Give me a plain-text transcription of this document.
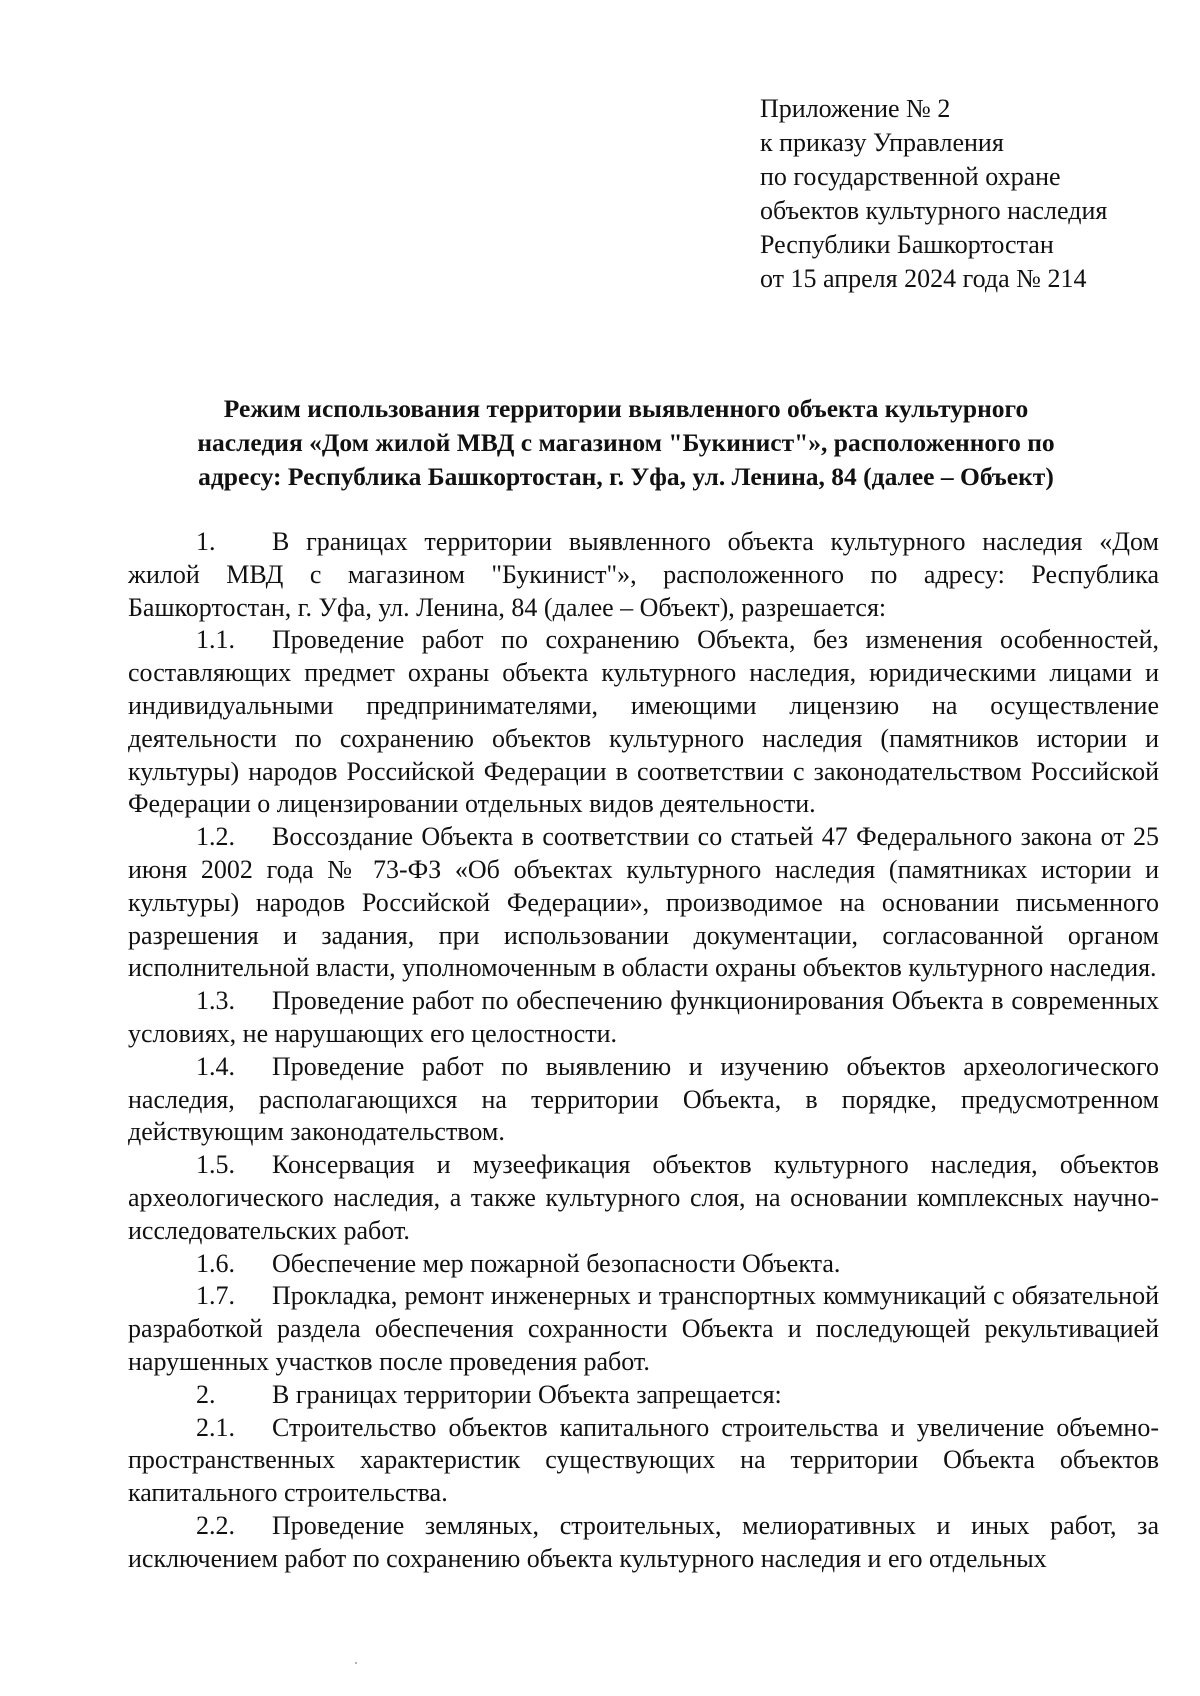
Приложение № 2
к приказу Управления
по государственной охране
объектов культурного наследия
Республики Башкортостан
от 15 апреля 2024 года № 214
Режим использования территории выявленного объекта культурного
наследия «Дом жилой МВД с магазином "Букинист"», расположенного по
адресу: Республика Башкортостан, г. Уфа, ул. Ленина, 84 (далее – Объект)

1. В границах территории выявленного объекта культурного наследия «Дом жилой МВД с магазином "Букинист"», расположенного по адресу: Республика Башкортостан, г. Уфа, ул. Ленина, 84 (далее – Объект), разрешается:

1.1. Проведение работ по сохранению Объекта, без изменения особенностей, составляющих предмет охраны объекта культурного наследия, юридическими лицами и индивидуальными предпринимателями, имеющими лицензию на осуществление деятельности по сохранению объектов культурного наследия (памятников истории и культуры) народов Российской Федерации в соответствии с законодательством Российской Федерации о лицензировании отдельных видов деятельности.

1.2. Воссоздание Объекта в соответствии со статьей 47 Федерального закона от 25 июня 2002 года № 73-ФЗ «Об объектах культурного наследия (памятниках истории и культуры) народов Российской Федерации», производимое на основании письменного разрешения и задания, при использовании документации, согласованной органом исполнительной власти, уполномоченным в области охраны объектов культурного наследия.

1.3. Проведение работ по обеспечению функционирования Объекта в современных условиях, не нарушающих его целостности.

1.4. Проведение работ по выявлению и изучению объектов археологического наследия, располагающихся на территории Объекта, в порядке, предусмотренном действующим законодательством.

1.5. Консервация и музеефикация объектов культурного наследия, объектов археологического наследия, а также культурного слоя, на основании комплексных научно-исследовательских работ.

1.6. Обеспечение мер пожарной безопасности Объекта.

1.7. Прокладка, ремонт инженерных и транспортных коммуникаций с обязательной разработкой раздела обеспечения сохранности Объекта и последующей рекультивацией нарушенных участков после проведения работ.

2. В границах территории Объекта запрещается:

2.1. Строительство объектов капитального строительства и увеличение объемно-пространственных характеристик существующих на территории Объекта объектов капитального строительства.

2.2. Проведение земляных, строительных, мелиоративных и иных работ, за исключением работ по сохранению объекта культурного наследия и его отдельных
